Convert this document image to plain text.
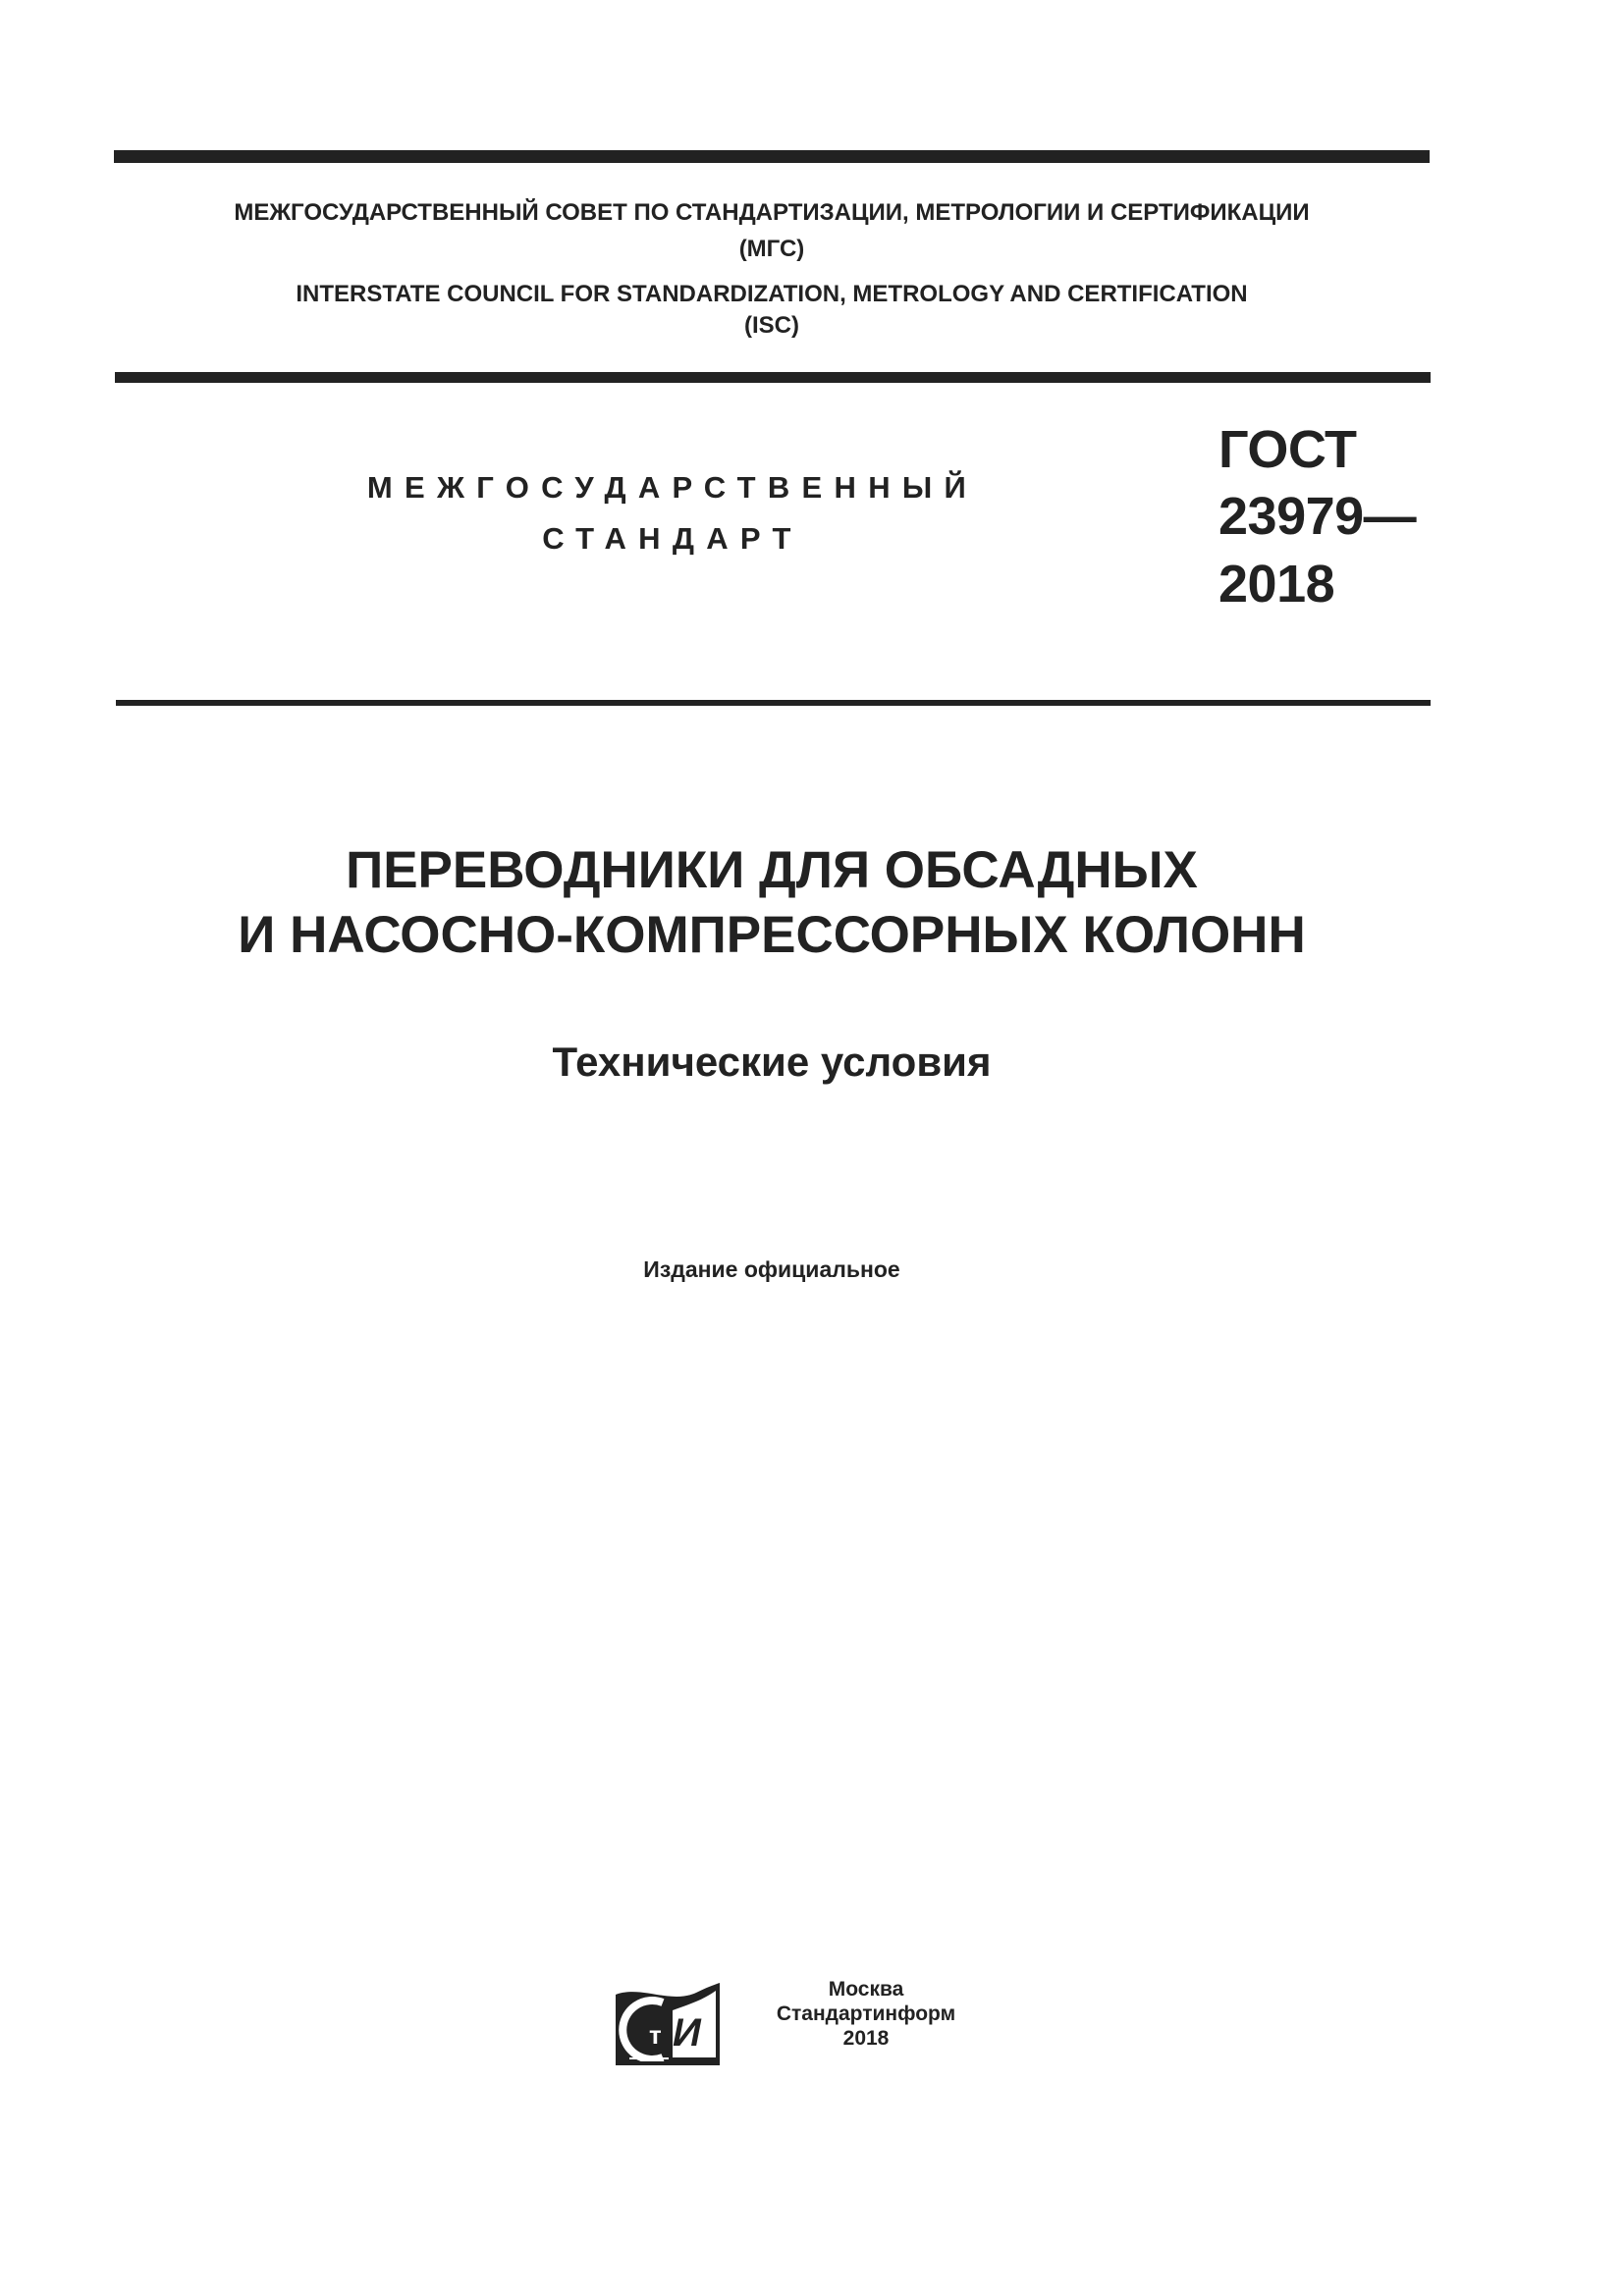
МЕЖГОСУДАРСТВЕННЫЙ СОВЕТ ПО СТАНДАРТИЗАЦИИ, МЕТРОЛОГИИ И СЕРТИФИКАЦИИ
(МГС)
INTERSTATE COUNCIL FOR STANDARDIZATION, METROLOGY AND CERTIFICATION
(ISC)
МЕЖГОСУДАРСТВЕННЫЙ
СТАНДАРТ
ГОСТ
23979—
2018
ПЕРЕВОДНИКИ ДЛЯ ОБСАДНЫХ
И НАСОСНО-КОМПРЕССОРНЫХ КОЛОНН
Технические условия
Издание официальное
т И
Москва
Стандартинформ
2018
